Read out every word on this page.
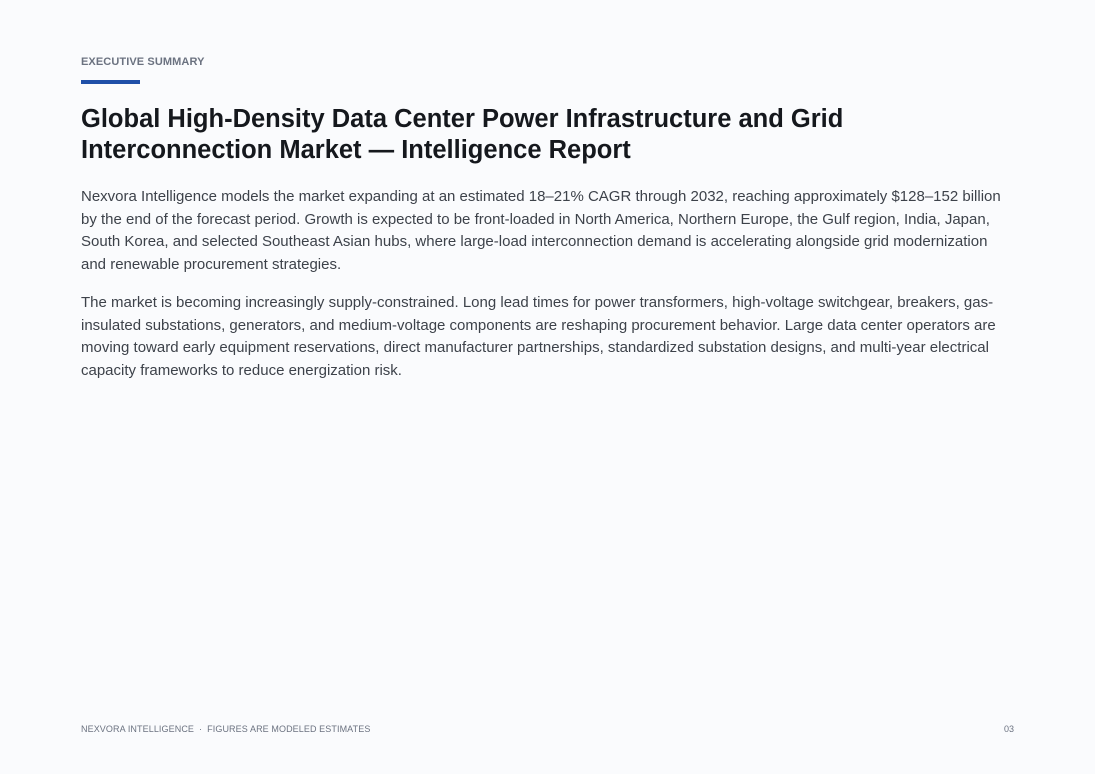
EXECUTIVE SUMMARY
Global High-Density Data Center Power Infrastructure and Grid
Interconnection Market — Intelligence Report

Nexvora Intelligence models the market expanding at an estimated 18–21% CAGR through 2032, reaching approximately $128–152 billion by the end of the forecast period. Growth is expected to be front-loaded in North America, Northern Europe, the Gulf region, India, Japan, South Korea, and selected Southeast Asian hubs, where large-load interconnection demand is accelerating alongside grid modernization and renewable procurement strategies.

The market is becoming increasingly supply-constrained. Long lead times for power transformers, high-voltage switchgear, breakers, gas-insulated substations, generators, and medium-voltage components are reshaping procurement behavior. Large data center operators are moving toward early equipment reservations, direct manufacturer partnerships, standardized substation designs, and multi-year electrical capacity frameworks to reduce energization risk.

NEXVORA INTELLIGENCE · FIGURES ARE MODELED ESTIMATES	03
